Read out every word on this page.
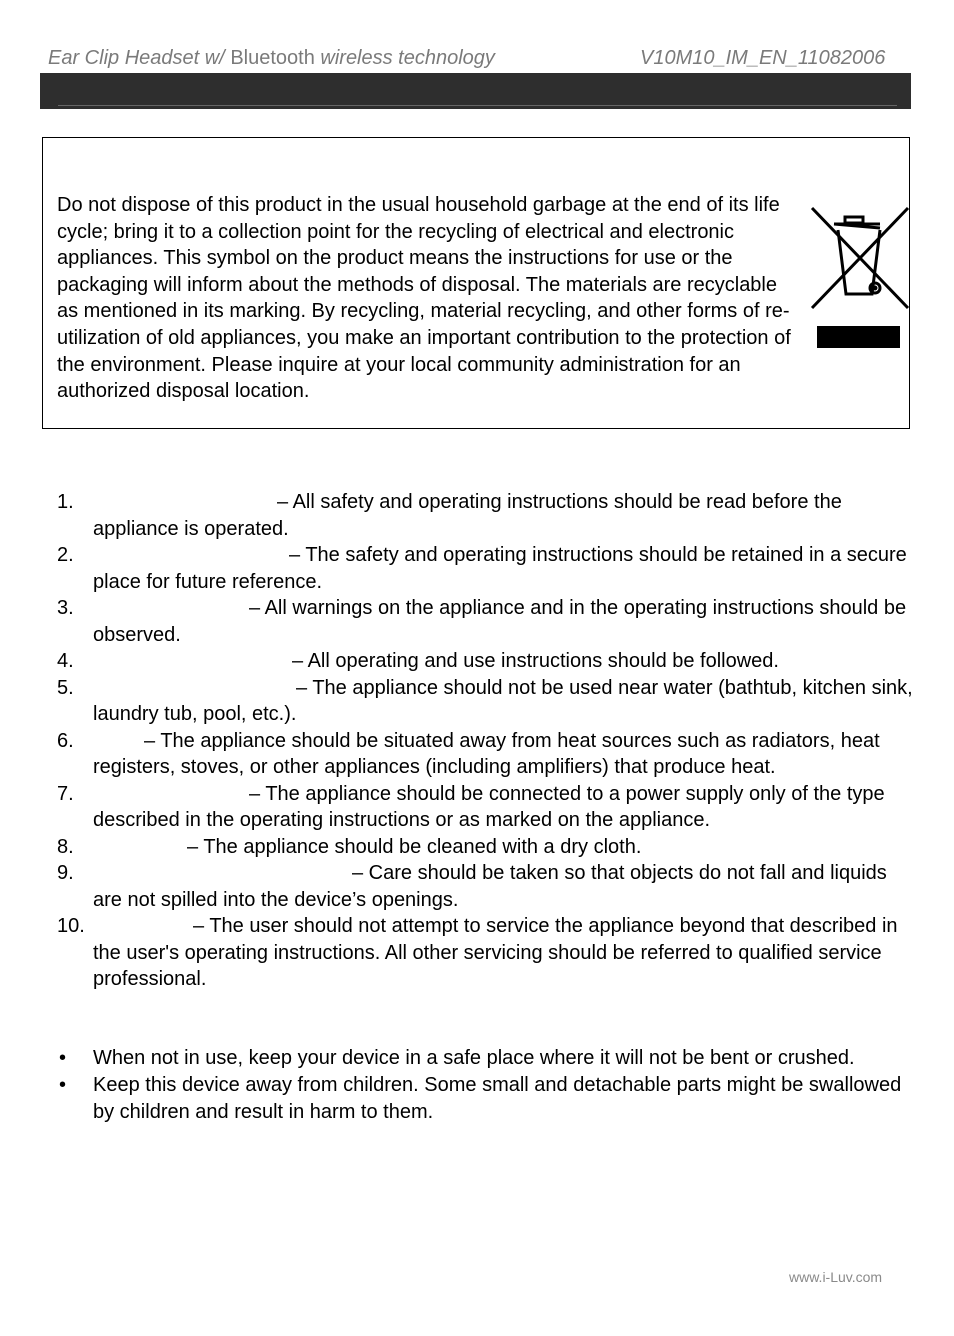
Ear Clip Headset w/ Bluetooth wireless technology	V10M10_IM_EN_11082006
Do not dispose of this product in the usual household garbage at the end of its life cycle; bring it to a collection point for the recycling of electrical and electronic appliances. This symbol on the product means the instructions for use or the packaging will inform about the methods of disposal. The materials are recyclable as mentioned in its marking. By recycling, material recycling, and other forms of re-utilization of old appliances, you make an important contribution to the protection of the environment. Please inquire at your local community administration for an authorized disposal location.
1.	– All safety and operating instructions should be read before the appliance is operated.
2.	– The safety and operating instructions should be retained in a secure place for future reference.
3.	– All warnings on the appliance and in the operating instructions should be observed.
4.	– All operating and use instructions should be followed.
5.	– The appliance should not be used near water (bathtub, kitchen sink, laundry tub, pool, etc.).
6.	– The appliance should be situated away from heat sources such as radiators, heat registers, stoves, or other appliances (including amplifiers) that produce heat.
7.	– The appliance should be connected to a power supply only of the type described in the operating instructions or as marked on the appliance.
8.	– The appliance should be cleaned with a dry cloth.
9.	– Care should be taken so that objects do not fall and liquids are not spilled into the device’s openings.
10.	– The user should not attempt to service the appliance beyond that described in the user's operating instructions. All other servicing should be referred to qualified service professional.
• When not in use, keep your device in a safe place where it will not be bent or crushed.
• Keep this device away from children. Some small and detachable parts might be swallowed by children and result in harm to them.
www.i-Luv.com
